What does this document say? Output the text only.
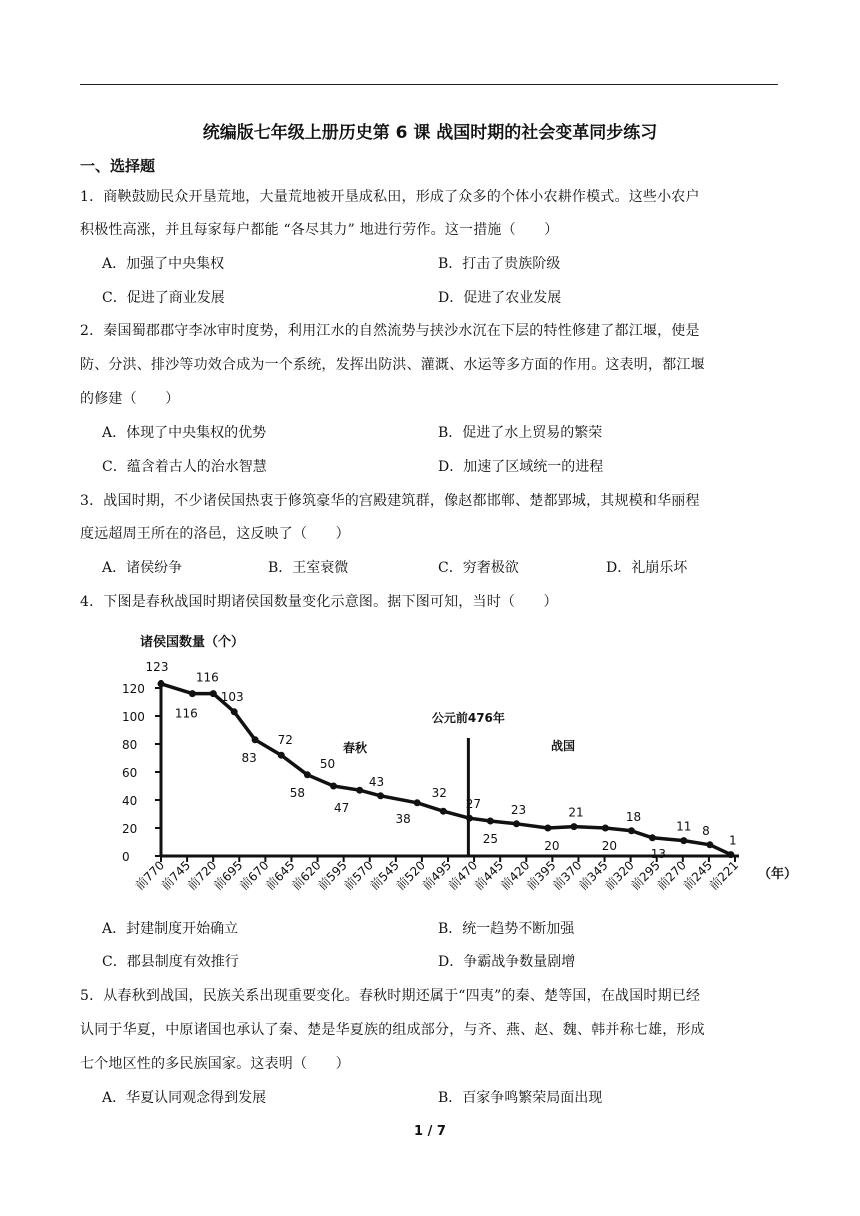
统编版七年级上册历史第 6 课 战国时期的社会变革同步练习
一、选择题
1．商鞅鼓励民众开垦荒地，大量荒地被开垦成私田，形成了众多的个体小农耕作模式。这些小农户
积极性高涨，并且每家每户都能 “各尽其力” 地进行劳作。这一措施（　　）
A．加强了中央集权	B．打击了贵族阶级
C．促进了商业发展	D．促进了农业发展
2．秦国蜀郡郡守李冰审时度势，利用江水的自然流势与挟沙水沉在下层的特性修建了都江堰，使是
防、分洪、排沙等功效合成为一个系统，发挥出防洪、灌溉、水运等多方面的作用。这表明，都江堰
的修建（　　）
A．体现了中央集权的优势	B．促进了水上贸易的繁荣
C．蕴含着古人的治水智慧	D．加速了区域统一的进程
3．战国时期，不少诸侯国热衷于修筑豪华的宫殿建筑群，像赵都邯郸、楚都郢城，其规模和华丽程
度远超周王所在的洛邑，这反映了（　　）
A．诸侯纷争	B．王室衰微	C．穷奢极欲	D．礼崩乐坏
4．下图是春秋战国时期诸侯国数量变化示意图。据下图可知，当时（　　）
诸侯国数量（个）
（年）
0
20
40
60
80
100
120
前770
前745
前720
前695
前670
前645
前620
前595
前570
前545
前520
前495
前470
前445
前420
前395
前370
前345
前320
前295
前270
前245
前221
123
116
116
103
83
72
58
50
47
43
38
32
27
25
23
20
21
20
18
13
11 8
1
公元前476年
春秋	战国
A．封建制度开始确立	B．统一趋势不断加强
C．郡县制度有效推行	D．争霸战争数量剧增
5．从春秋到战国，民族关系出现重要变化。春秋时期还属于“四夷”的秦、楚等国，在战国时期已经
认同于华夏，中原诸国也承认了秦、楚是华夏族的组成部分，与齐、燕、赵、魏、韩并称七雄，形成
七个地区性的多民族国家。这表明（　　）
A．华夏认同观念得到发展	B．百家争鸣繁荣局面出现
1 / 7
